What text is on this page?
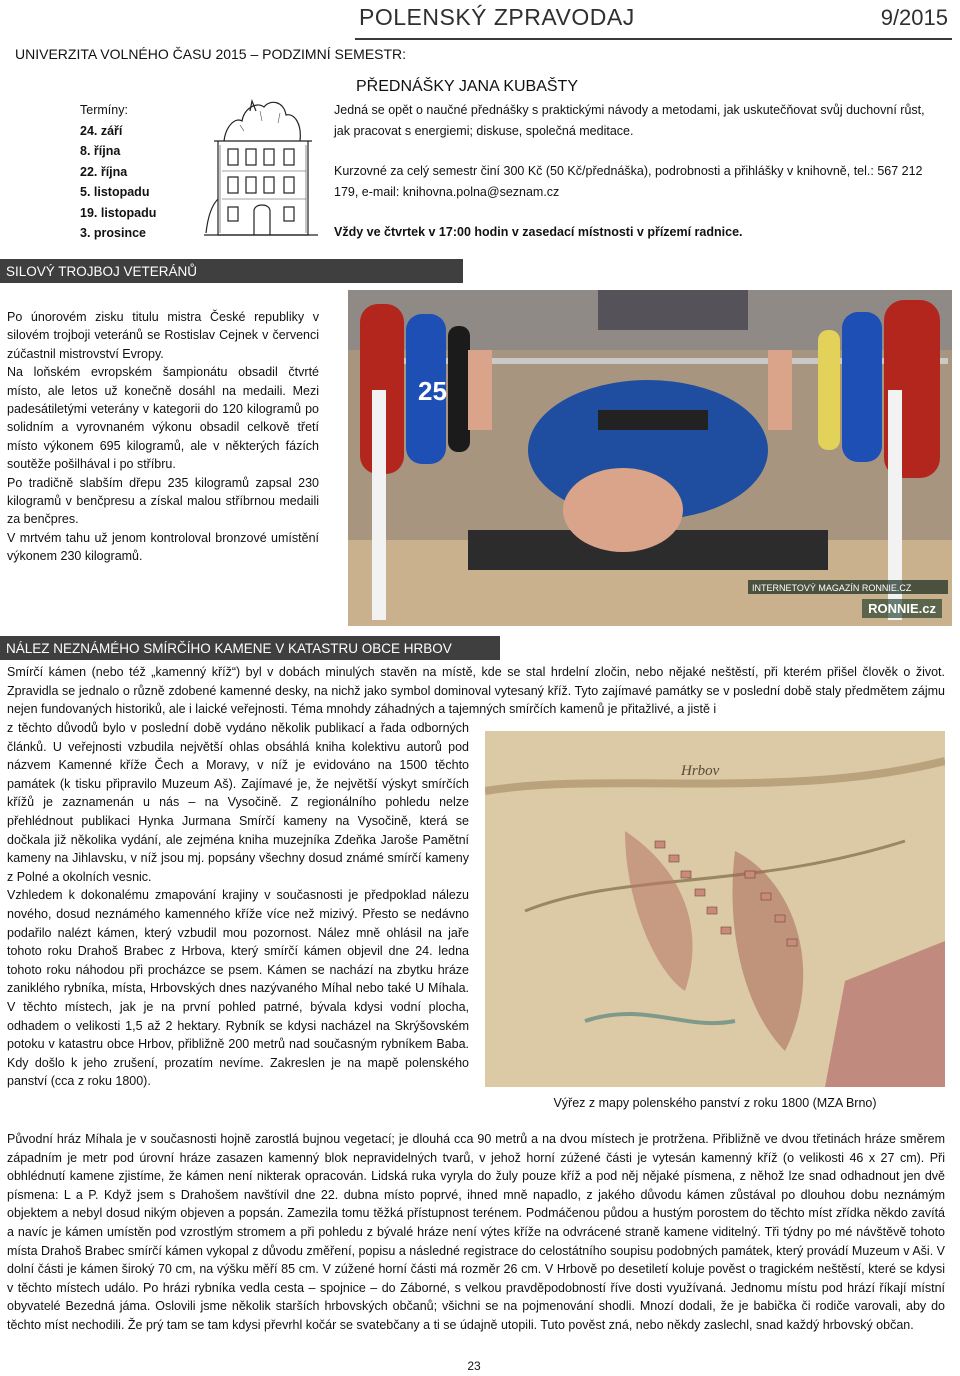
POLENSKÝ ZPRAVODAJ	9/2015
UNIVERZITA VOLNÉHO ČASU 2015 – PODZIMNÍ SEMESTR:
PŘEDNÁŠKY JANA KUBAŠTY
Termíny:
24. září
8. října
22. října
5. listopadu
19. listopadu
3. prosince

Jedná se opět o naučné přednášky s praktickými návody a metodami, jak uskutečňovat svůj duchovní růst, jak pracovat s energiemi; diskuse, společná meditace.

Kurzovné za celý semestr činí 300 Kč (50 Kč/přednáška), podrobnosti a přihlášky v knihovně, tel.: 567 212 179, e-mail: knihovna.polna@seznam.cz

Vždy ve čtvrtek v 17:00 hodin v zasedací místnosti v přízemí radnice.

SILOVÝ TROJBOJ VETERÁNŮ

Po únorovém zisku titulu mistra České republiky v silovém trojboji veteránů se Rostislav Cejnek v červenci zúčastnil mistrovství Evropy.

Na loňském evropském šampionátu obsadil čtvrté místo, ale letos už konečně dosáhl na medaili. Mezi padesátiletými veterány v kategorii do 120 kilogramů po solidním a vyrovnaném výkonu obsadil celkově třetí místo výkonem 695 kilogramů, ale v některých fázích soutěže pošilhával i po stříbru.

Po tradičně slabším dřepu 235 kilogramů zapsal 230 kilogramů v benčpresu a získal malou stříbrnou medaili za benčpres.

V mrtvém tahu už jenom kontroloval bronzové umístění výkonem 230 kilogramů.

25
INTERNETOVÝ MAGAZÍN RONNIE.CZ
RONNIE.cz
NÁLEZ NEZNÁMÉHO SMÍRČÍHO KAMENE V KATASTRU OBCE HRBOV
Smírčí kámen (nebo též „kamenný kříž“) byl v dobách minulých stavěn na místě, kde se stal hrdelní zločin, nebo nějaké neštěstí, při kterém přišel člověk o život. Zpravidla se jednalo o různě zdobené kamenné desky, na nichž jako symbol dominoval vytesaný kříž. Tyto zajímavé památky se v poslední době staly předmětem zájmu nejen fundovaných historiků, ale i laické veřejnosti. Téma mnohdy záhadných a tajemných smírčích kamenů je přitažlivé, a jistě i

z těchto důvodů bylo v poslední době vydáno několik publikací a řada odborných článků. U veřejnosti vzbudila největší ohlas obsáhlá kniha kolektivu autorů pod názvem Kamenné kříže Čech a Moravy, v níž je evidováno na 1500 těchto památek (k tisku připravilo Muzeum Aš). Zajímavé je, že největší výskyt smírčích křížů je zaznamenán u nás – na Vysočině. Z regionálního pohledu nelze přehlédnout publikaci Hynka Jurmana Smírčí kameny na Vysočině, která se dočkala již několika vydání, ale zejména kniha muzejníka Zdeňka Jaroše Pamětní kameny na Jihlavsku, v níž jsou mj. popsány všechny dosud známé smírčí kameny z Polné a okolních vesnic.

Vzhledem k dokonalému zmapování krajiny v současnosti je předpoklad nálezu nového, dosud neznámého kamenného kříže více než mizivý. Přesto se nedávno podařilo nalézt kámen, který vzbudil mou pozornost. Nález mně ohlásil na jaře tohoto roku Drahoš Brabec z Hrbova, který smírčí kámen objevil dne 24. ledna tohoto roku náhodou při procházce se psem. Kámen se nachází na zbytku hráze zaniklého rybníka, místa, Hrbovských dnes nazývaného Míhal nebo také U Míhala. V těchto místech, jak je na první pohled patrné, bývala kdysi vodní plocha, odhadem o velikosti 1,5 až 2 hektary. Rybník se kdysi nacházel na Skrýšovském potoku v katastru obce Hrbov, přibližně 200 metrů nad současným rybníkem Baba. Kdy došlo k jeho zrušení, prozatím nevíme. Zakreslen je na mapě polenského panství (cca z roku 1800).

Hrbov
Výřez z mapy polenského panství z roku 1800 (MZA Brno)
Původní hráz Míhala je v současnosti hojně zarostlá bujnou vegetací; je dlouhá cca 90 metrů a na dvou místech je protržena. Přibližně ve dvou třetinách hráze směrem západním je metr pod úrovní hráze zasazen kamenný blok nepravidelných tvarů, v jehož horní zúžené části je vytesán kamenný kříž (o velikosti 46 x 27 cm). Při obhlédnutí kamene zjistíme, že kámen není nikterak opracován. Lidská ruka vyryla do žuly pouze kříž a pod něj nějaké písmena, z něhož lze snad odhadnout jen dvě písmena: L a P. Když jsem s Drahošem navštívil dne 22. dubna místo poprvé, ihned mně napadlo, z jakého důvodu kámen zůstával po dlouhou dobu neznámým objektem a nebyl dosud nikým objeven a popsán. Zamezila tomu těžká přístupnost terénem. Podmáčenou půdou a hustým porostem do těchto míst zřídka někdo zavítá a navíc je kámen umístěn pod vzrostlým stromem a při pohledu z bývalé hráze není výtes kříže na odvrácené straně kamene viditelný. Tři týdny po mé návštěvě tohoto místa Drahoš Brabec smírčí kámen vykopal z důvodu změření, popisu a následné registrace do celostátního soupisu podobných památek, který provádí Muzeum v Aši. V dolní části je kámen široký 70 cm, na výšku měří 85 cm. V zúžené horní části má rozměr 26 cm. V Hrbově po desetiletí koluje pověst o tragickém neštěstí, které se kdysi v těchto místech událo. Po hrázi rybníka vedla cesta – spojnice – do Záborné, s velkou pravděpodobností říve dosti využívaná. Jednomu místu pod hrází říkají místní obyvatelé Bezedná jáma. Oslovili jsme několik starších hrbovských občanů; všichni se na pojmenování shodli. Mnozí dodali, že je babička či rodiče varovali, aby do těchto míst nechodili. Že prý tam se tam kdysi převrhl kočár se svatebčany a ti se údajně utopili. Tuto pověst zná, nebo někdy zaslechl, snad každý hrbovský občan.
23
